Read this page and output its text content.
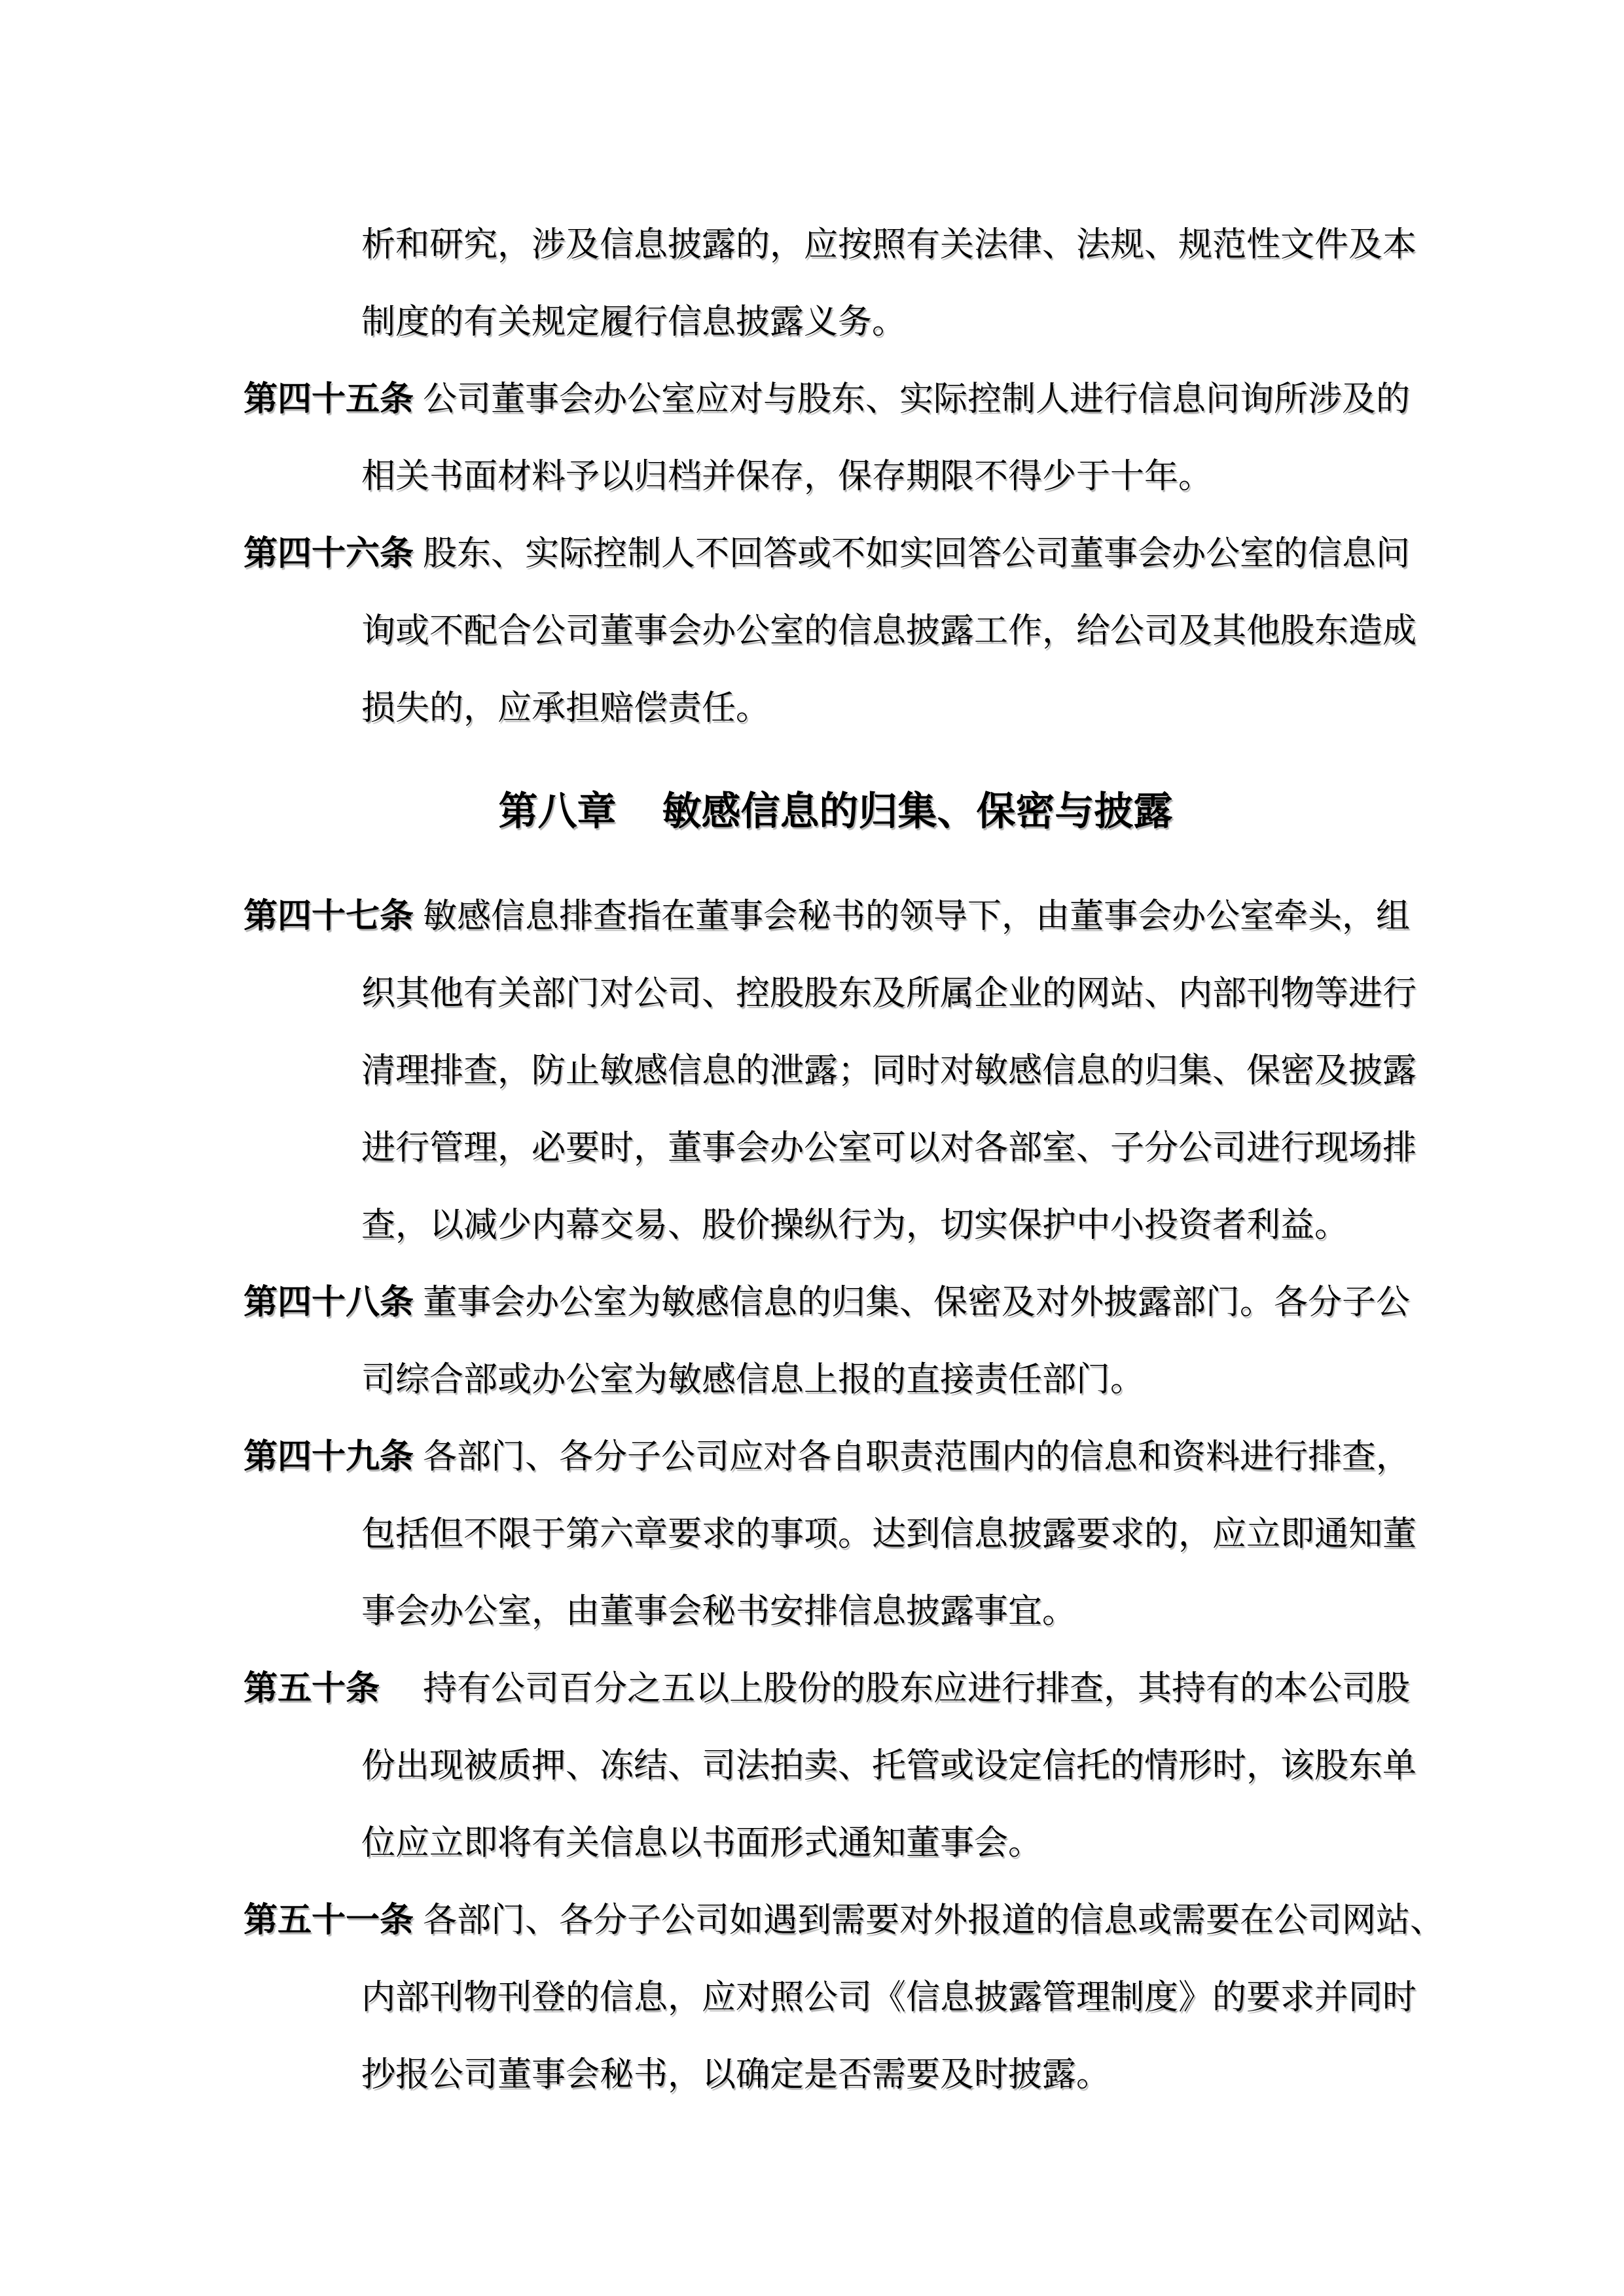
析和研究，涉及信息披露的，应按照有关法律、法规、规范性文件及本
制度的有关规定履行信息披露义务。
第四十五条 公司董事会办公室应对与股东、实际控制人进行信息问询所涉及的
相关书面材料予以归档并保存，保存期限不得少于十年。
第四十六条 股东、实际控制人不回答或不如实回答公司董事会办公室的信息问
询或不配合公司董事会办公室的信息披露工作，给公司及其他股东造成
损失的，应承担赔偿责任。
第八章 敏感信息的归集、保密与披露
第四十七条 敏感信息排查指在董事会秘书的领导下，由董事会办公室牵头，组
织其他有关部门对公司、控股股东及所属企业的网站、内部刊物等进行
清理排查，防止敏感信息的泄露；同时对敏感信息的归集、保密及披露
进行管理，必要时，董事会办公室可以对各部室、子分公司进行现场排
查，以减少内幕交易、股价操纵行为，切实保护中小投资者利益。
第四十八条 董事会办公室为敏感信息的归集、保密及对外披露部门。各分子公
司综合部或办公室为敏感信息上报的直接责任部门。
第四十九条 各部门、各分子公司应对各自职责范围内的信息和资料进行排查，
包括但不限于第六章要求的事项。达到信息披露要求的，应立即通知董
事会办公室，由董事会秘书安排信息披露事宜。
第五十条 持有公司百分之五以上股份的股东应进行排查，其持有的本公司股
份出现被质押、冻结、司法拍卖、托管或设定信托的情形时，该股东单
位应立即将有关信息以书面形式通知董事会。
第五十一条 各部门、各分子公司如遇到需要对外报道的信息或需要在公司网站、
内部刊物刊登的信息，应对照公司《信息披露管理制度》的要求并同时
抄报公司董事会秘书，以确定是否需要及时披露。
